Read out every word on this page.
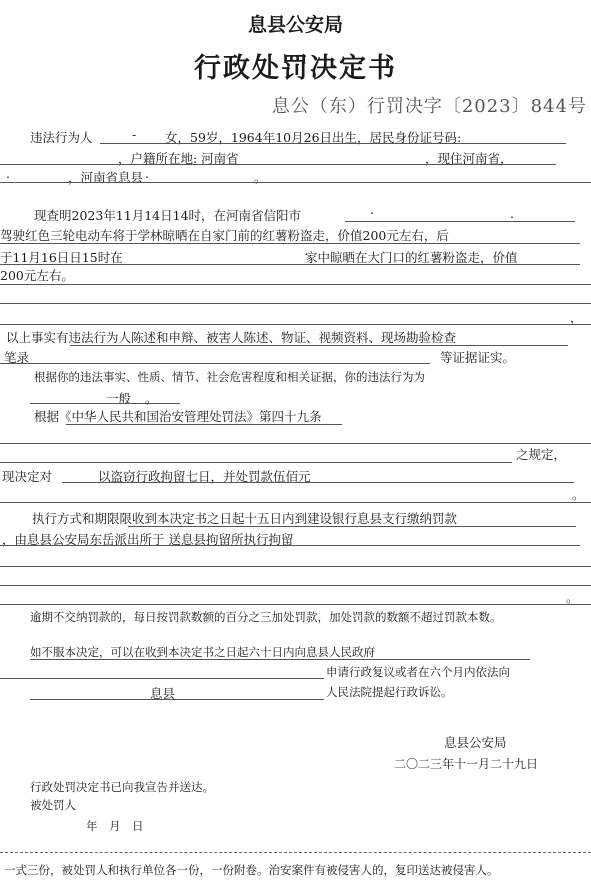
息县公安局
行政处罚决定书
息公（东）行罚决字〔2023〕844号
违法行为人	- 女，59岁，1964年10月26日出生，居民身份证号码:
，户籍所在地: 河南省	，现住河南省，
.	，河南省息县 .	。
现查明2023年11月14日14时，在河南省信阳市	.	.
驾驶红色三轮电动车将于学林晾晒在自家门前的红薯粉盗走，价值200元左右，后
于11月16日日15时在	家中晾晒在大门口的红薯粉盗走，价值
200元左右。
，
以上事实有违法行为人陈述和申辩、被害人陈述、物证、视频资料、现场勘验检查
笔录	等证据证实。
根据你的违法事实、性质、情节、社会危害程度和相关证据，你的违法行为为
一般 。
根据《中华人民共和国治安管理处罚法》第四十九条
之规定，
现决定对	以盗窃行政拘留七日，并处罚款伍佰元
。
执行方式和期限限收到本决定书之日起十五日内到建设银行息县支行缴纳罚款
，由息县公安局东岳派出所于 送息县拘留所执行拘留
。
逾期不交纳罚款的，每日按罚款数额的百分之三加处罚款，加处罚款的数额不超过罚款本数。
如不服本决定，可以在收到本决定书之日起六十日内向息县人民政府
申请行政复议或者在六个月内依法向
息县	人民法院提起行政诉讼。
息县公安局
二〇二三年十一月二十九日
行政处罚决定书已向我宣告并送达。
被处罚人
年　月　日
一式三份，被处罚人和执行单位各一份，一份附卷。治安案件有被侵害人的，复印送达被侵害人。
